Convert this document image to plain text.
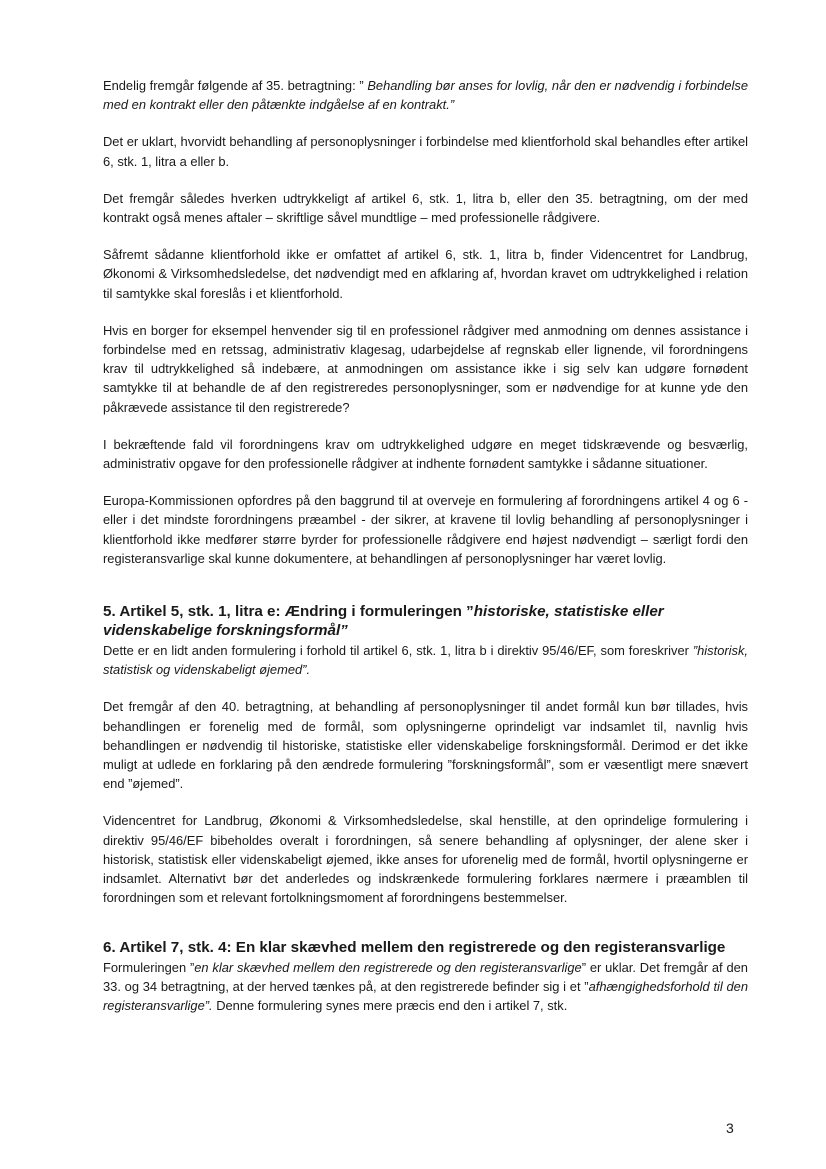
Endelig fremgår følgende af 35. betragtning: ” Behandling bør anses for lovlig, når den er nødvendig i forbindelse med en kontrakt eller den påtænkte indgåelse af en kontrakt.”

Det er uklart, hvorvidt behandling af personoplysninger i forbindelse med klientforhold skal behandles efter artikel 6, stk. 1, litra a eller b.

Det fremgår således hverken udtrykkeligt af artikel 6, stk. 1, litra b, eller den 35. betragtning, om der med kontrakt også menes aftaler – skriftlige såvel mundtlige – med professionelle rådgivere.

Såfremt sådanne klientforhold ikke er omfattet af artikel 6, stk. 1, litra b, finder Videncentret for Landbrug, Økonomi & Virksomhedsledelse, det nødvendigt med en afklaring af, hvordan kravet om udtrykkelighed i relation til samtykke skal foreslås i et klientforhold.

Hvis en borger for eksempel henvender sig til en professionel rådgiver med anmodning om dennes assistance i forbindelse med en retssag, administrativ klagesag, udarbejdelse af regnskab eller lignende, vil forordningens krav til udtrykkelighed så indebære, at anmodningen om assistance ikke i sig selv kan udgøre fornødent samtykke til at behandle de af den registreredes personoplysninger, som er nødvendige for at kunne yde den påkrævede assistance til den registrerede?

I bekræftende fald vil forordningens krav om udtrykkelighed udgøre en meget tidskrævende og besværlig, administrativ opgave for den professionelle rådgiver at indhente fornødent samtykke i sådanne situationer.

Europa-Kommissionen opfordres på den baggrund til at overveje en formulering af forordningens artikel 4 og 6 - eller i det mindste forordningens præambel - der sikrer, at kravene til lovlig behandling af personoplysninger i klientforhold ikke medfører større byrder for professionelle rådgivere end højest nødvendigt – særligt fordi den registeransvarlige skal kunne dokumentere, at behandlingen af personoplysninger har været lovlig.

5. Artikel 5, stk. 1, litra e: Ændring i formuleringen ”historiske, statistiske eller videnskabelige forskningsformål”

Dette er en lidt anden formulering i forhold til artikel 6, stk. 1, litra b i direktiv 95/46/EF, som foreskriver ”historisk, statistisk og videnskabeligt øjemed”.

Det fremgår af den 40. betragtning, at behandling af personoplysninger til andet formål kun bør tillades, hvis behandlingen er forenelig med de formål, som oplysningerne oprindeligt var indsamlet til, navnlig hvis behandlingen er nødvendig til historiske, statistiske eller videnskabelige forskningsformål. Derimod er det ikke muligt at udlede en forklaring på den ændrede formulering ”forskningsformål”, som er væsentligt mere snævert end ”øjemed”.

Videncentret for Landbrug, Økonomi & Virksomhedsledelse, skal henstille, at den oprindelige formulering i direktiv 95/46/EF bibeholdes overalt i forordningen, så senere behandling af oplysninger, der alene sker i historisk, statistisk eller videnskabeligt øjemed, ikke anses for uforenelig med de formål, hvortil oplysningerne er indsamlet. Alternativt bør det anderledes og indskrænkede formulering forklares nærmere i præamblen til forordningen som et relevant fortolkningsmoment af forordningens bestemmelser.

6. Artikel 7, stk. 4: En klar skævhed mellem den registrerede og den registeransvarlige

Formuleringen ”en klar skævhed mellem den registrerede og den registeransvarlige” er uklar. Det fremgår af den 33. og 34 betragtning, at der herved tænkes på, at den registrerede befinder sig i et ”afhængighedsforhold til den registeransvarlige”. Denne formulering synes mere præcis end den i artikel 7, stk.

3
